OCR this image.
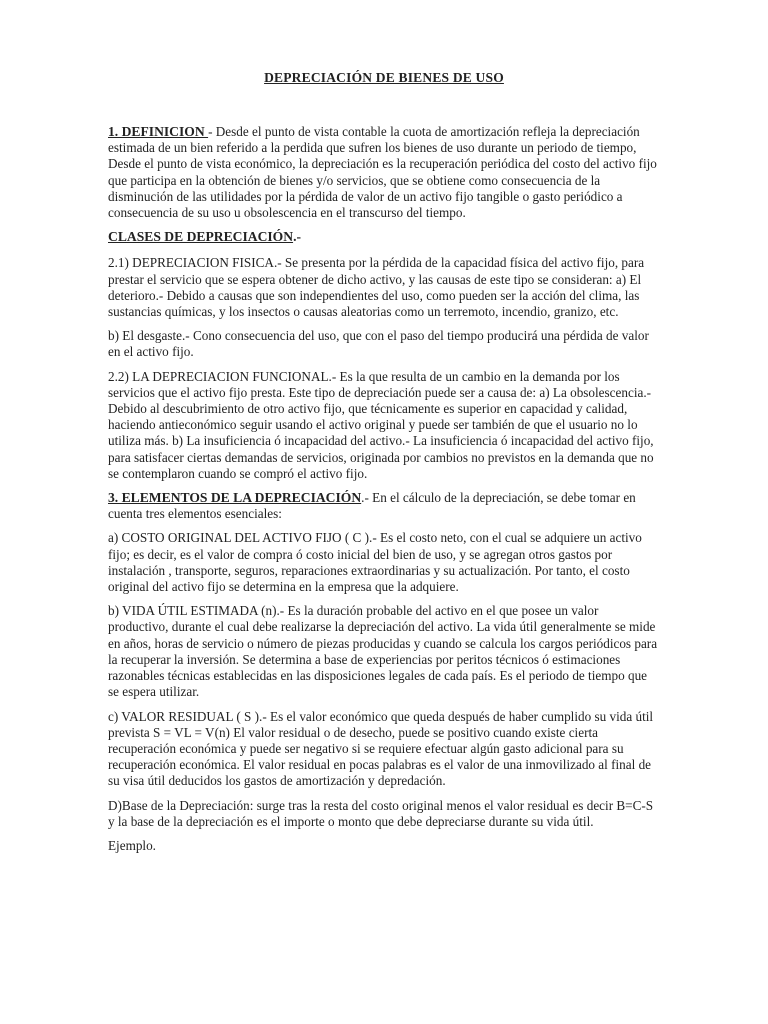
DEPRECIACIÓN DE BIENES DE USO

1. DEFINICION - Desde el punto de vista contable la cuota de amortización refleja la depreciación estimada de un bien referido a la perdida que sufren los bienes de uso durante un periodo de tiempo, Desde el punto de vista económico, la depreciación es la recuperación periódica del costo del activo fijo que participa en la obtención de bienes y/o servicios, que se obtiene como consecuencia de la disminución de las utilidades por la pérdida de valor de un activo fijo tangible o gasto periódico a consecuencia de su uso u obsolescencia en el transcurso del tiempo.

CLASES DE DEPRECIACIÓN.-

2.1) DEPRECIACION FISICA.- Se presenta por la pérdida de la capacidad física del activo fijo, para prestar el servicio que se espera obtener de dicho activo, y las causas de este tipo se consideran: a) El deterioro.- Debido a causas que son independientes del uso, como pueden ser la acción del clima, las sustancias químicas, y los insectos o causas aleatorias como un terremoto, incendio, granizo, etc.

b) El desgaste.- Cono consecuencia del uso, que con el paso del tiempo producirá una pérdida de valor en el activo fijo.

2.2) LA DEPRECIACION FUNCIONAL.- Es la que resulta de un cambio en la demanda por los servicios que el activo fijo presta. Este tipo de depreciación puede ser a causa de: a) La obsolescencia.- Debido al descubrimiento de otro activo fijo, que técnicamente es superior en capacidad y calidad, haciendo antieconómico seguir usando el activo original y puede ser también de que el usuario no lo utiliza más. b) La insuficiencia ó incapacidad del activo.- La insuficiencia ó incapacidad del activo fijo, para satisfacer ciertas demandas de servicios, originada por cambios no previstos en la demanda que no se contemplaron cuando se compró el activo fijo.

3. ELEMENTOS DE LA DEPRECIACIÓN.- En el cálculo de la depreciación, se debe tomar en cuenta tres elementos esenciales:

a) COSTO ORIGINAL DEL ACTIVO FIJO ( C ).- Es el costo neto, con el cual se adquiere un activo fijo; es decir, es el valor de compra ó costo inicial del bien de uso, y se agregan otros gastos por instalación , transporte, seguros, reparaciones extraordinarias y su actualización. Por tanto, el costo original del activo fijo se determina en la empresa que la adquiere.

b) VIDA ÚTIL ESTIMADA (n).- Es la duración probable del activo en el que posee un valor productivo, durante el cual debe realizarse la depreciación del activo. La vida útil generalmente se mide en años, horas de servicio o número de piezas producidas y cuando se calcula los cargos periódicos para la recuperar la inversión. Se determina a base de experiencias por peritos técnicos ó estimaciones razonables técnicas establecidas en las disposiciones legales de cada país. Es el periodo de tiempo que se espera utilizar.

c) VALOR RESIDUAL ( S ).- Es el valor económico que queda después de haber cumplido su vida útil prevista S = VL = V(n) El valor residual o de desecho, puede se positivo cuando existe cierta recuperación económica y puede ser negativo si se requiere efectuar algún gasto adicional para su recuperación económica. El valor residual en pocas palabras es el valor de una inmovilizado al final de su visa útil deducidos los gastos de amortización y depredación.

D)Base de la Depreciación: surge tras la resta del costo original menos el valor residual es decir B=C-S y la base de la depreciación es el importe o monto que debe depreciarse durante su vida útil.

Ejemplo.
